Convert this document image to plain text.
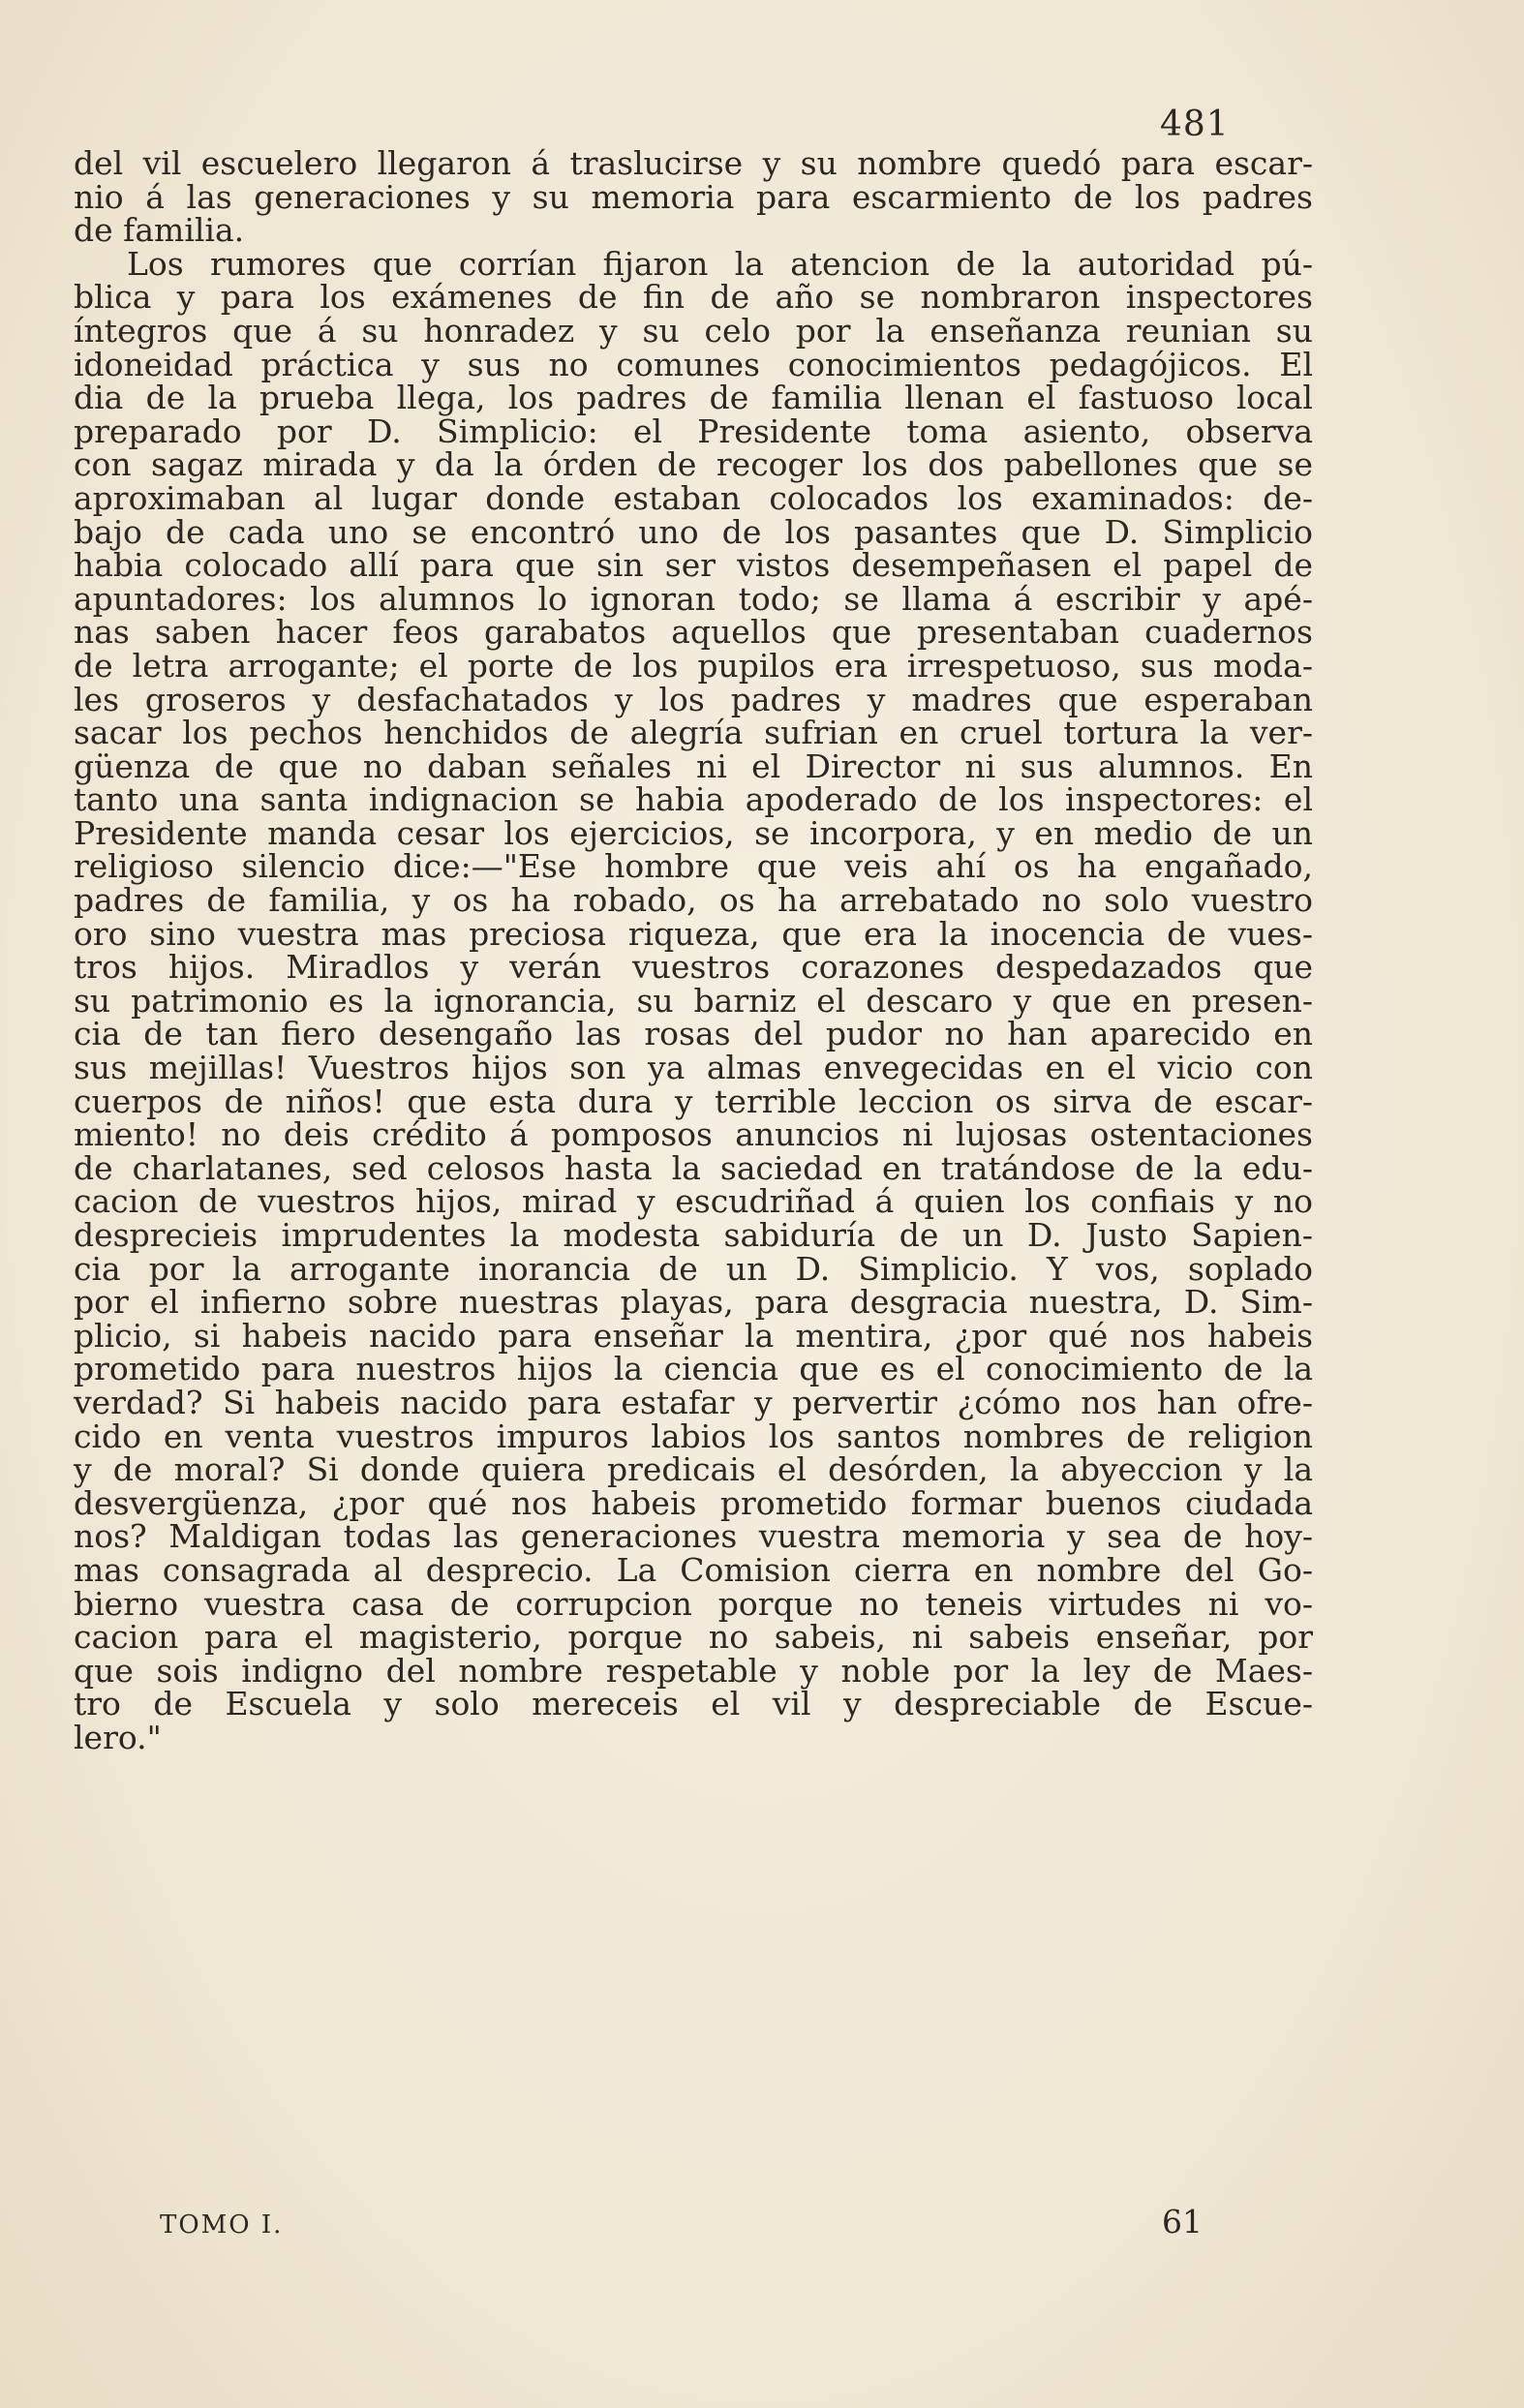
481
del vil escuelero llegaron á traslucirse y su nombre quedó para escar-
nio á las generaciones y su memoria para escarmiento de los padres
de familia.
Los rumores que corrían fijaron la atencion de la autoridad pú-
blica y para los exámenes de fin de año se nombraron inspectores
íntegros que á su honradez y su celo por la enseñanza reunian su
idoneidad práctica y sus no comunes conocimientos pedagójicos. El
dia de la prueba llega, los padres de familia llenan el fastuoso local
preparado por D. Simplicio: el Presidente toma asiento, observa
con sagaz mirada y da la órden de recoger los dos pabellones que se
aproximaban al lugar donde estaban colocados los examinados: de-
bajo de cada uno se encontró uno de los pasantes que D. Simplicio
habia colocado allí para que sin ser vistos desempeñasen el papel de
apuntadores: los alumnos lo ignoran todo; se llama á escribir y apé-
nas saben hacer feos garabatos aquellos que presentaban cuadernos
de letra arrogante; el porte de los pupilos era irrespetuoso, sus moda-
les groseros y desfachatados y los padres y madres que esperaban
sacar los pechos henchidos de alegría sufrian en cruel tortura la ver-
güenza de que no daban señales ni el Director ni sus alumnos. En
tanto una santa indignacion se habia apoderado de los inspectores: el
Presidente manda cesar los ejercicios, se incorpora, y en medio de un
religioso silencio dice:—"Ese hombre que veis ahí os ha engañado,
padres de familia, y os ha robado, os ha arrebatado no solo vuestro
oro sino vuestra mas preciosa riqueza, que era la inocencia de vues-
tros hijos. Miradlos y verán vuestros corazones despedazados que
su patrimonio es la ignorancia, su barniz el descaro y que en presen-
cia de tan fiero desengaño las rosas del pudor no han aparecido en
sus mejillas! Vuestros hijos son ya almas envegecidas en el vicio con
cuerpos de niños! que esta dura y terrible leccion os sirva de escar-
miento! no deis crédito á pomposos anuncios ni lujosas ostentaciones
de charlatanes, sed celosos hasta la saciedad en tratándose de la edu-
cacion de vuestros hijos, mirad y escudriñad á quien los confiais y no
desprecieis imprudentes la modesta sabiduría de un D. Justo Sapien-
cia por la arrogante inorancia de un D. Simplicio. Y vos, soplado
por el infierno sobre nuestras playas, para desgracia nuestra, D. Sim-
plicio, si habeis nacido para enseñar la mentira, ¿por qué nos habeis
prometido para nuestros hijos la ciencia que es el conocimiento de la
verdad? Si habeis nacido para estafar y pervertir ¿cómo nos han ofre-
cido en venta vuestros impuros labios los santos nombres de religion
y de moral? Si donde quiera predicais el desórden, la abyeccion y la
desvergüenza, ¿por qué nos habeis prometido formar buenos ciudada
nos? Maldigan todas las generaciones vuestra memoria y sea de hoy-
mas consagrada al desprecio. La Comision cierra en nombre del Go-
bierno vuestra casa de corrupcion porque no teneis virtudes ni vo-
cacion para el magisterio, porque no sabeis, ni sabeis enseñar, por
que sois indigno del nombre respetable y noble por la ley de Maes-
tro de Escuela y solo mereceis el vil y despreciable de Escue-
lero."
TOMO I.	61
